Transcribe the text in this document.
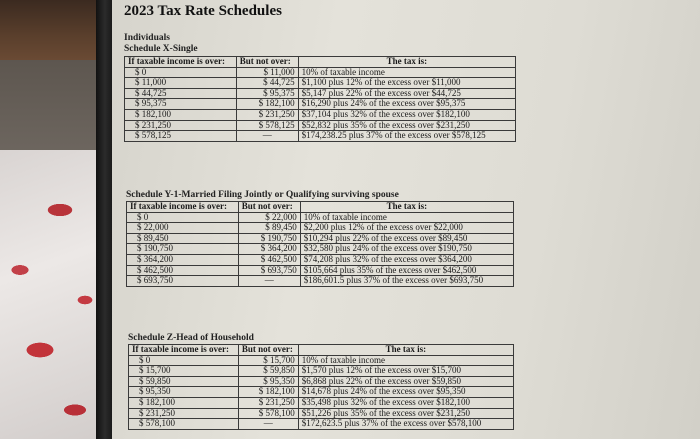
2023 Tax Rate Schedules
Individuals
Schedule X-Single
If taxable income is over:	But not over:	The tax is:
$ 0	$ 11,000	10% of taxable income
$ 11,000	$ 44,725	$1,100 plus 12% of the excess over $11,000
$ 44,725	$ 95,375	$5,147 plus 22% of the excess over $44,725
$ 95,375	$ 182,100	$16,290 plus 24% of the excess over $95,375
$ 182,100	$ 231,250	$37,104 plus 32% of the excess over $182,100
$ 231,250	$ 578,125	$52,832 plus 35% of the excess over $231,250
$ 578,125	—	$174,238.25 plus 37% of the excess over $578,125
Schedule Y-1-Married Filing Jointly or Qualifying surviving spouse
If taxable income is over:	But not over:	The tax is:
$ 0	$ 22,000	10% of taxable income
$ 22,000	$ 89,450	$2,200 plus 12% of the excess over $22,000
$ 89,450	$ 190,750	$10,294 plus 22% of the excess over $89,450
$ 190,750	$ 364,200	$32,580 plus 24% of the excess over $190,750
$ 364,200	$ 462,500	$74,208 plus 32% of the excess over $364,200
$ 462,500	$ 693,750	$105,664 plus 35% of the excess over $462,500
$ 693,750	—	$186,601.5 plus 37% of the excess over $693,750
Schedule Z-Head of Household
If taxable income is over:	But not over:	The tax is:
$ 0	$ 15,700	10% of taxable income
$ 15,700	$ 59,850	$1,570 plus 12% of the excess over $15,700
$ 59,850	$ 95,350	$6,868 plus 22% of the excess over $59,850
$ 95,350	$ 182,100	$14,678 plus 24% of the excess over $95,350
$ 182,100	$ 231,250	$35,498 plus 32% of the excess over $182,100
$ 231,250	$ 578,100	$51,226 plus 35% of the excess over $231,250
$ 578,100	—	$172,623.5 plus 37% of the excess over $578,100
